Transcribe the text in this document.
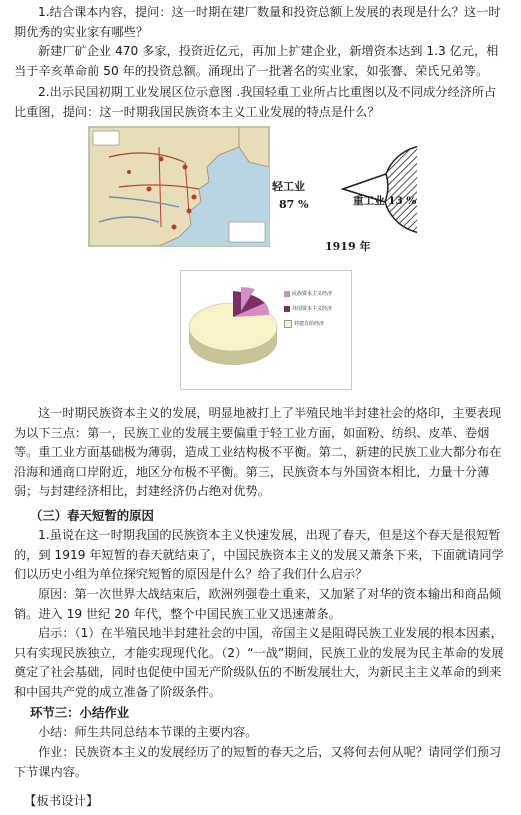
1.结合课本内容，提问：这一时期在建厂数量和投资总额上发展的表现是什么？这一时期优秀的实业家有哪些？

新建厂矿企业 470 多家，投资近亿元，再加上扩建企业，新增资本达到 1.3 亿元，相当于辛亥革命前 50 年的投资总额。涌现出了一批著名的实业家，如张謇、荣氏兄弟等。

2.出示民国初期工业发展区位示意图 .我国轻重工业所占比重图以及不同成分经济所占比重图，提问：这一时期我国民族资本主义工业发展的特点是什么？

轻工业
87 %	重工业 13 %
1919 年
民族资本主义经济
外国资本主义经济
封建自给经济

这一时期民族资本主义的发展，明显地被打上了半殖民地半封建社会的烙印，主要表现为以下三点：第一，民族工业的发展主要偏重于轻工业方面，如面粉、纺织、皮革、卷烟等。重工业方面基础极为薄弱，造成工业结构极不平衡。第二，新建的民族工业大都分布在沿海和通商口岸附近，地区分布极不平衡。第三，民族资本与外国资本相比，力量十分薄弱；与封建经济相比，封建经济仍占绝对优势。

（三）春天短暂的原因

1.虽说在这一时期我国的民族资本主义快速发展，出现了春天，但是这个春天是很短暂的，到 1919 年短暂的春天就结束了，中国民族资本主义的发展又萧条下来，下面就请同学们以历史小组为单位探究短暂的原因是什么？给了我们什么启示？

原因：第一次世界大战结束后，欧洲列强卷土重来，又加紧了对华的资本输出和商品倾销。进入 19 世纪 20 年代，整个中国民族工业又迅速萧条。

启示：（1）在半殖民地半封建社会的中国，帝国主义是阻碍民族工业发展的根本因素，只有实现民族独立，才能实现现代化。（2）“一战”期间，民族工业的发展为民主革命的发展奠定了社会基础，同时也促使中国无产阶级队伍的不断发展壮大，为新民主主义革命的到来和中国共产党的成立准备了阶级条件。

环节三：小结作业

小结：师生共同总结本节课的主要内容。

作业：民族资本主义的发展经历了的短暂的春天之后，又将何去何从呢？请同学们预习下节课内容。

【板书设计】
